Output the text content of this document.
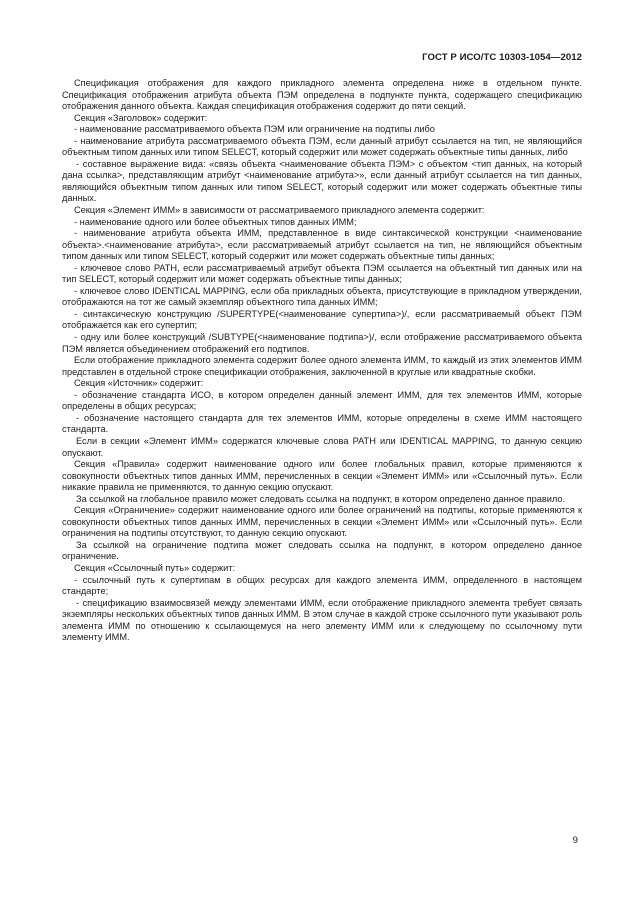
ГОСТ Р ИСО/ТС 10303-1054—2012

Спецификация отображения для каждого прикладного элемента определена ниже в отдельном пункте. Спецификация отображения атрибута объекта ПЭМ определена в подпункте пункта, содержащего спецификацию отображения данного объекта. Каждая спецификация отображения содержит до пяти секций.

Секция «Заголовок» содержит:

- наименование рассматриваемого объекта ПЭМ или ограничение на подтипы либо

- наименование атрибута рассматриваемого объекта ПЭМ, если данный атрибут ссылается на тип, не являющийся объектным типом данных или типом SELECT, который содержит или может содержать объектные типы данных, либо

- составное выражение вида: «связь объекта <наименование объекта ПЭМ> с объектом <тип данных, на который дана ссылка>, представляющим атрибут <наименование атрибута>», если данный атрибут ссылается на тип данных, являющийся объектным типом данных или типом SELECT, который содержит или может содержать объектные типы данных.

Секция «Элемент ИММ» в зависимости от рассматриваемого прикладного элемента содержит:

- наименование одного или более объектных типов данных ИММ;

- наименование атрибута объекта ИММ, представленное в виде синтаксической конструкции <наименование объекта>.<наименование атрибута>, если рассматриваемый атрибут ссылается на тип, не являющийся объектным типом данных или типом SELECT, который содержит или может содержать объектные типы данных;

- ключевое слово PATH, если рассматриваемый атрибут объекта ПЭМ ссылается на объектный тип данных или на тип SELECT, который содержит или может содержать объектные типы данных;

- ключевое слово IDENTICAL MAPPING, если оба прикладных объекта, присутствующие в прикладном утверждении, отображаются на тот же самый экземпляр объектного типа данных ИММ;

- синтаксическую конструкцию /SUPERTYPE(<наименование супертипа>)/, если рассматриваемый объект ПЭМ отображается как его супертип;

- одну или более конструкций /SUBTYPE(<наименование подтипа>)/, если отображение рассматриваемого объекта ПЭМ является объединением отображений его подтипов.

Если отображение прикладного элемента содержит более одного элемента ИММ, то каждый из этих элементов ИММ представлен в отдельной строке спецификации отображения, заключенной в круглые или квадратные скобки.

Секция «Источник» содержит:

- обозначение стандарта ИСО, в котором определен данный элемент ИММ, для тех элементов ИММ, которые определены в общих ресурсах;

- обозначение настоящего стандарта для тех элементов ИММ, которые определены в схеме ИММ настоящего стандарта.

Если в секции «Элемент ИММ» содержатся ключевые слова PATH или IDENTICAL MAPPING, то данную секцию опускают.

Секция «Правила» содержит наименование одного или более глобальных правил, которые применяются к совокупности объектных типов данных ИММ, перечисленных в секции «Элемент ИММ» или «Ссылочный путь». Если никакие правила не применяются, то данную секцию опускают.

За ссылкой на глобальное правило может следовать ссылка на подпункт, в котором определено данное правило.

Секция «Ограничение» содержит наименование одного или более ограничений на подтипы, которые применяются к совокупности объектных типов данных ИММ, перечисленных в секции «Элемент ИММ» или «Ссылочный путь». Если ограничения на подтипы отсутствуют, то данную секцию опускают.

За ссылкой на ограничение подтипа может следовать ссылка на подпункт, в котором определено данное ограничение.

Секция «Ссылочный путь» содержит:

- ссылочный путь к супертипам в общих ресурсах для каждого элемента ИММ, определенного в настоящем стандарте;

- спецификацию взаимосвязей между элементами ИММ, если отображение прикладного элемента требует связать экземпляры нескольких объектных типов данных ИММ. В этом случае в каждой строке ссылочного пути указывают роль элемента ИММ по отношению к ссылающемуся на него элементу ИММ или к следующему по ссылочному пути элементу ИММ.

9
